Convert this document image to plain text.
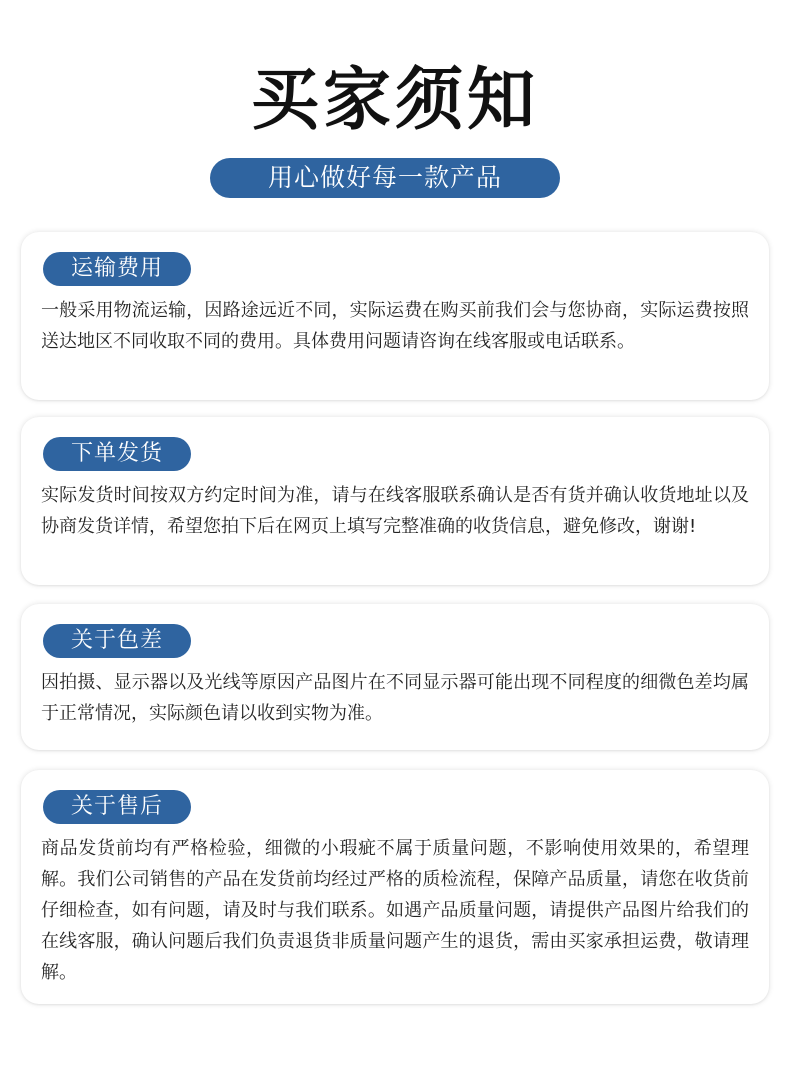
买家须知
用心做好每一款产品
运输费用
一般采用物流运输，因路途远近不同，实际运费在购买前我们会与您协商，实际运费按照送达地区不同收取不同的费用。具体费用问题请咨询在线客服或电话联系。
下单发货
实际发货时间按双方约定时间为准，请与在线客服联系确认是否有货并确认收货地址以及协商发货详情，希望您拍下后在网页上填写完整准确的收货信息，避免修改，谢谢!
关于色差
因拍摄、显示器以及光线等原因产品图片在不同显示器可能出现不同程度的细微色差均属于正常情况，实际颜色请以收到实物为准。
关于售后
商品发货前均有严格检验，细微的小瑕疵不属于质量问题，不影响使用效果的，希望理解。我们公司销售的产品在发货前均经过严格的质检流程，保障产品质量，请您在收货前仔细检查，如有问题，请及时与我们联系。如遇产品质量问题，请提供产品图片给我们的在线客服，确认问题后我们负责退货非质量问题产生的退货，需由买家承担运费，敬请理解。
